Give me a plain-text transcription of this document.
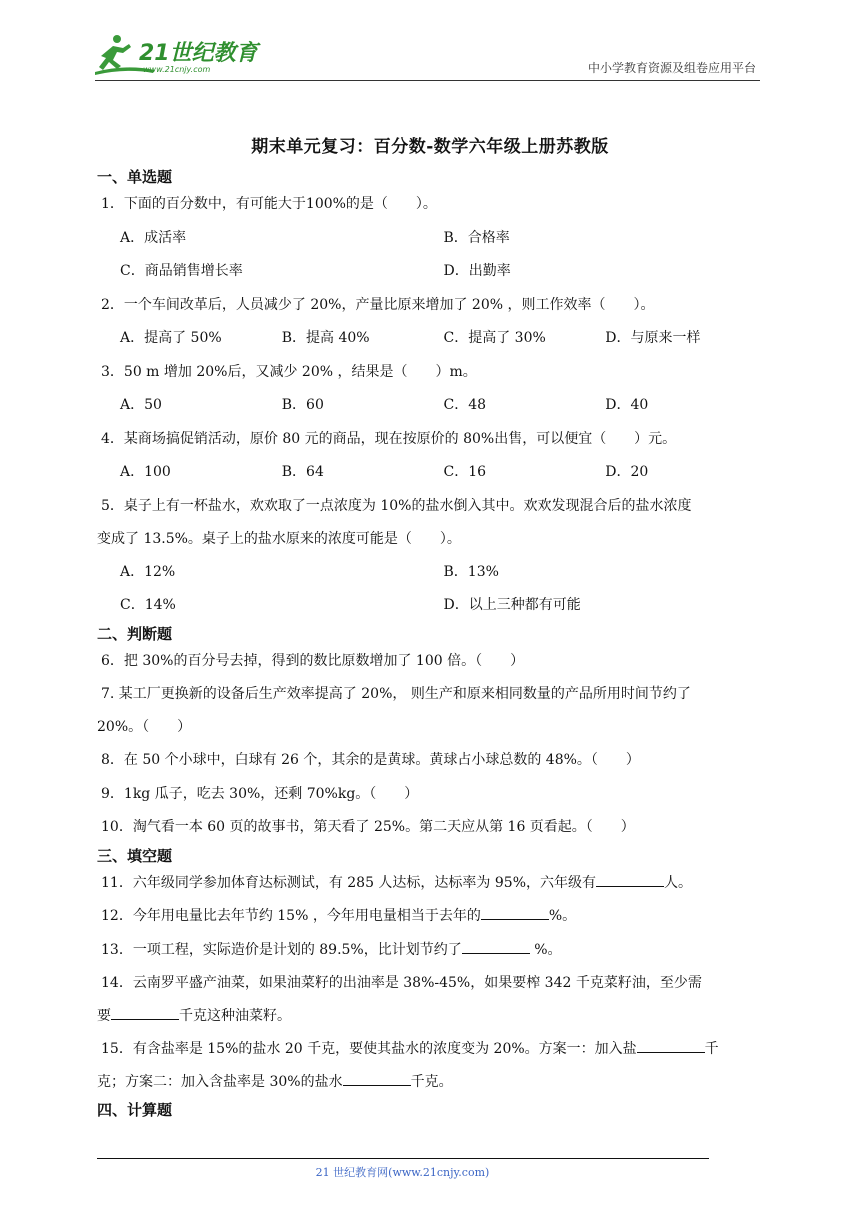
21世纪教育
www.21cnjy.com	中小学教育资源及组卷应用平台
期末单元复习：百分数-数学六年级上册苏教版
一、单选题
1．下面的百分数中，有可能大于100%的是（　　）。
A．成活率	B．合格率
C．商品销售增长率	D．出勤率
2．一个车间改革后，人员减少了 20%，产量比原来增加了 20% ，则工作效率（　　）。
A．提高了 50%	B．提高 40%	C．提高了 30%	D．与原来一样
3．50 m 增加 20%后，又减少 20% ，结果是（　　）m。
A．50	B．60	C．48	D．40
4．某商场搞促销活动，原价 80 元的商品，现在按原价的 80%出售，可以便宜（　　）元。
A．100	B．64	C．16	D．20
5．桌子上有一杯盐水，欢欢取了一点浓度为 10%的盐水倒入其中。欢欢发现混合后的盐水浓度
变成了 13.5%。桌子上的盐水原来的浓度可能是（　　）。
A．12%	B．13%
C．14%	D．以上三种都有可能
二、判断题
6．把 30%的百分号去掉，得到的数比原数增加了 100 倍。（　　）
7. 某工厂更换新的设备后生产效率提高了 20%， 则生产和原来相同数量的产品所用时间节约了
20%。（　　）
8．在 50 个小球中，白球有 26 个，其余的是黄球。黄球占小球总数的 48%。（　　）
9．1kg 瓜子，吃去 30%，还剩 70%kg。（　　）
10．淘气看一本 60 页的故事书，第天看了 25%。第二天应从第 16 页看起。（　　）
三、填空题
11．六年级同学参加体育达标测试，有 285 人达标，达标率为 95%，六年级有	人。
12．今年用电量比去年节约 15% ，今年用电量相当于去年的	%。
13．一项工程，实际造价是计划的 89.5%，比计划节约了	%。
14．云南罗平盛产油菜，如果油菜籽的出油率是 38%-45%，如果要榨 342 千克菜籽油，至少需
要	千克这种油菜籽。
15．有含盐率是 15%的盐水 20 千克，要使其盐水的浓度变为 20%。方案一：加入盐	千
克；方案二：加入含盐率是 30%的盐水	千克。
四、计算题
21 世纪教育网(www.21cnjy.com)
